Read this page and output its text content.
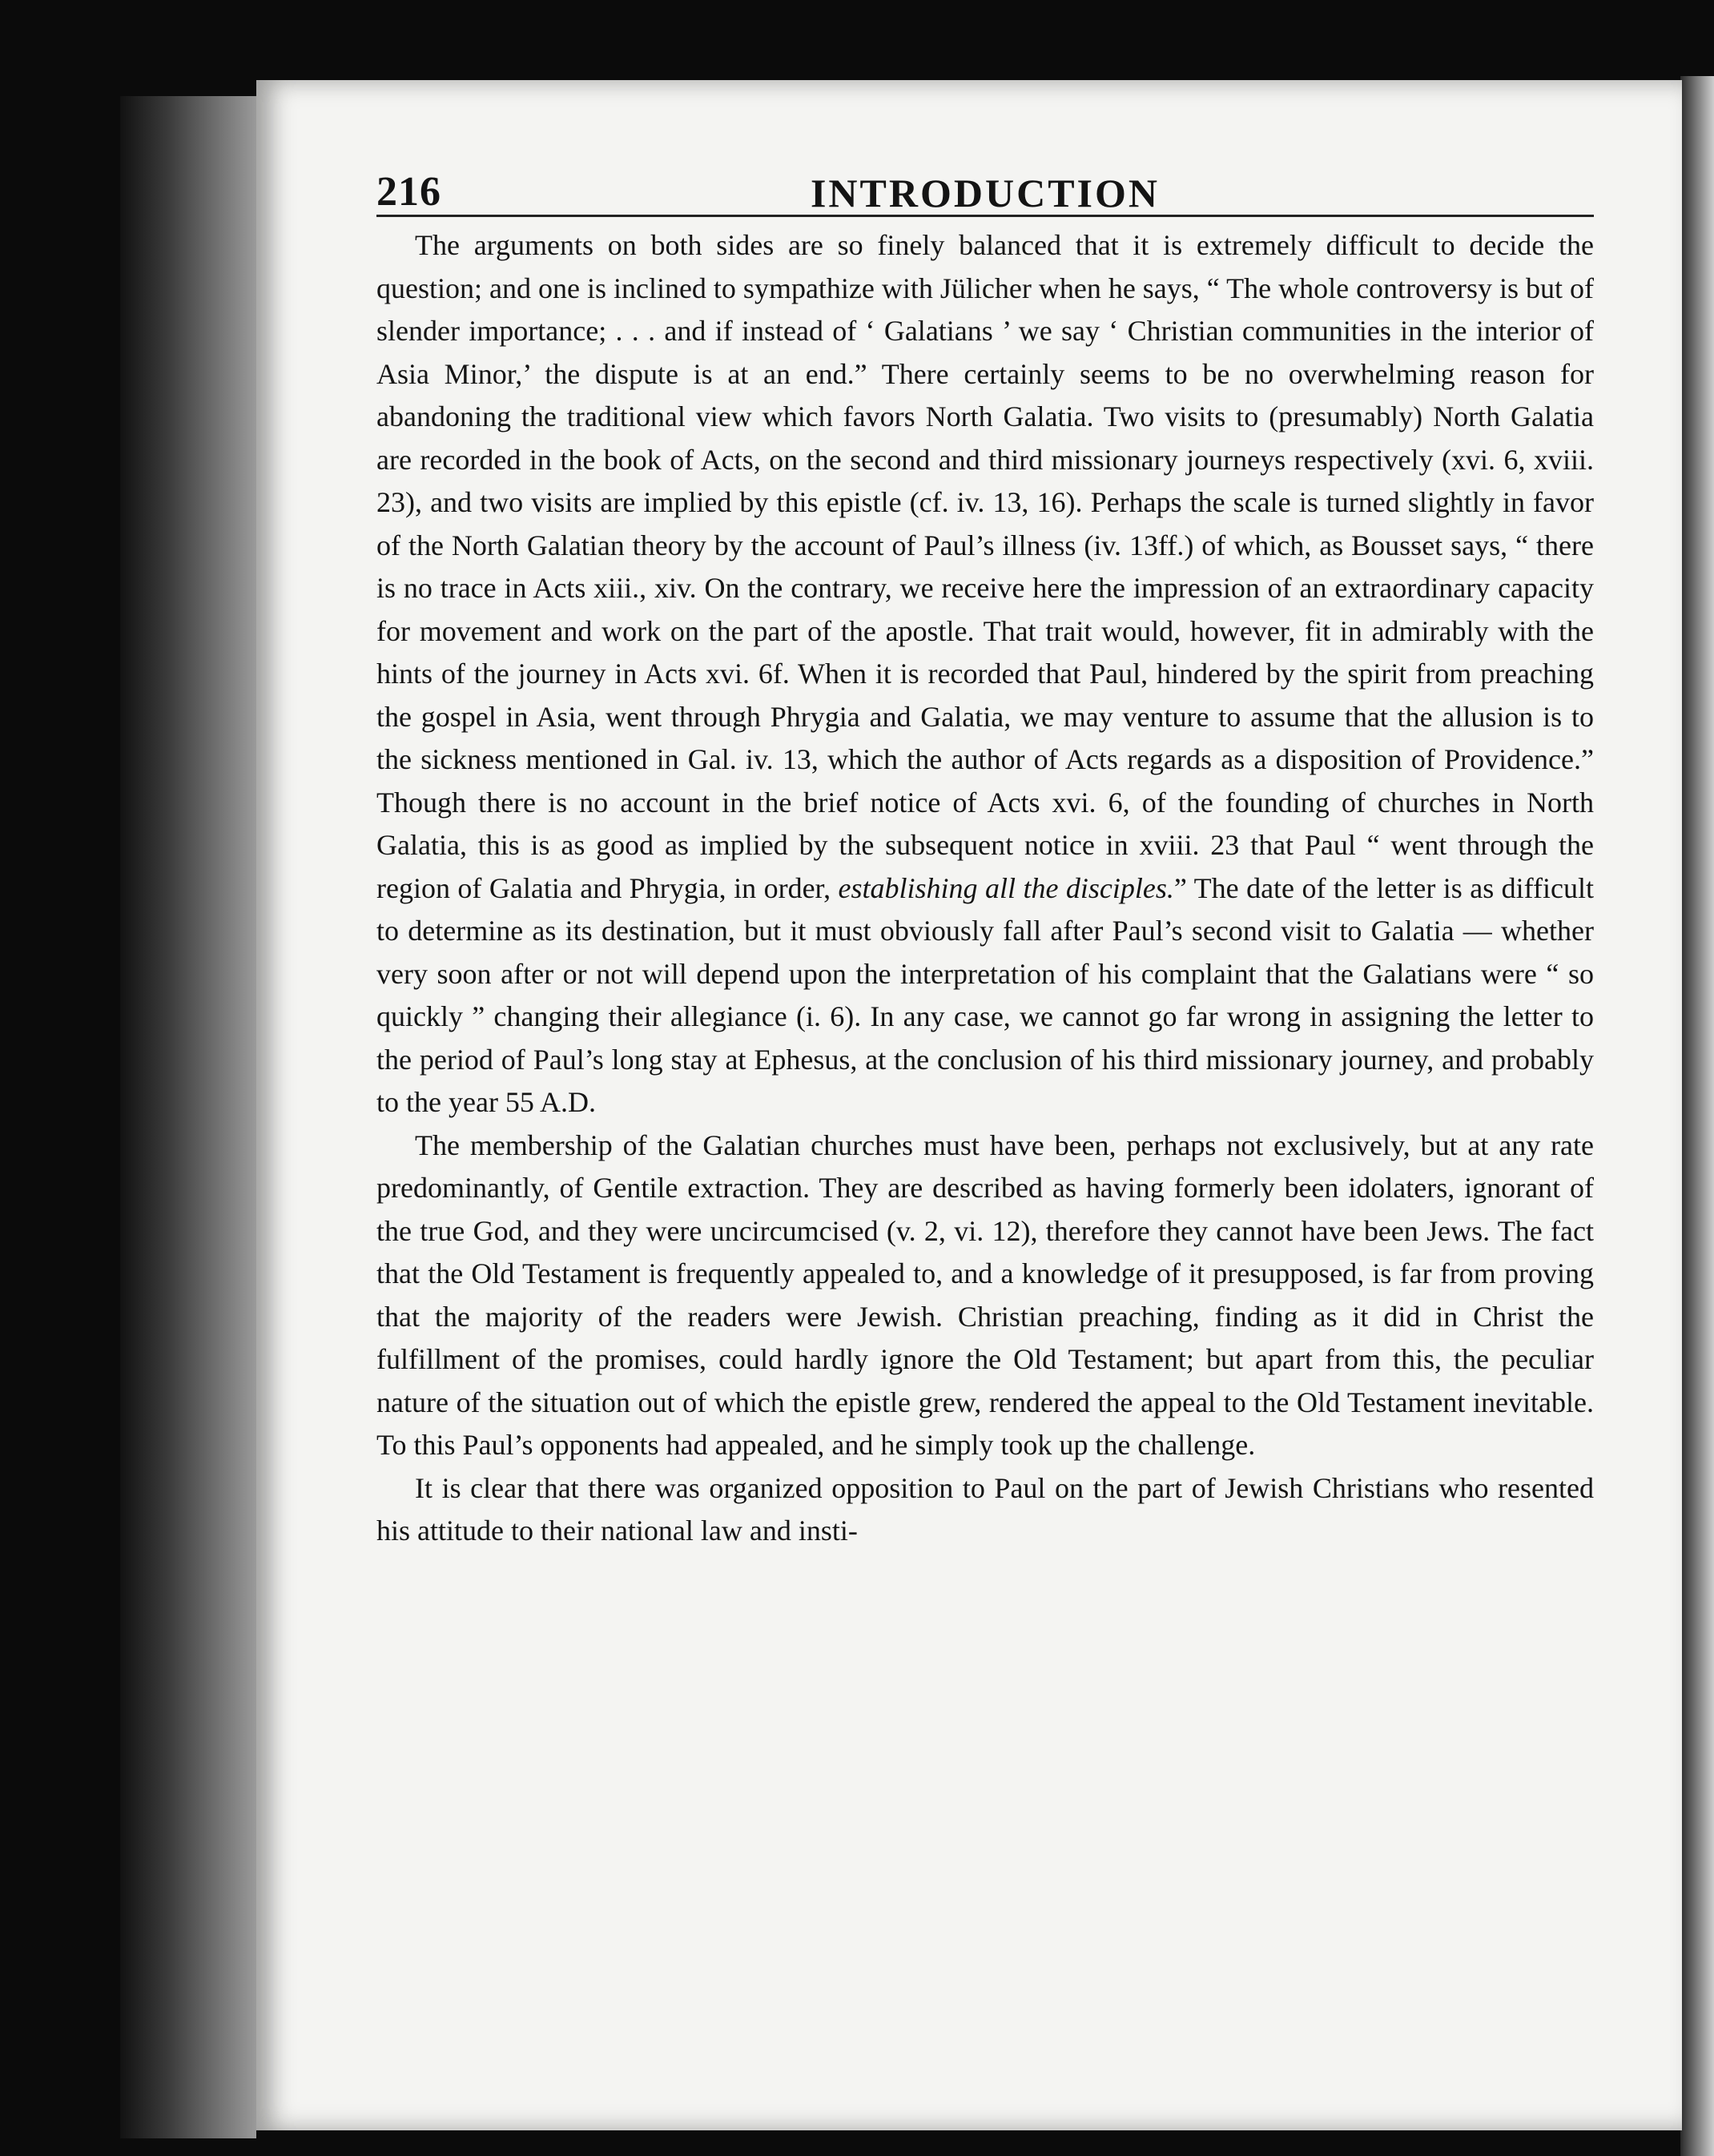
216	INTRODUCTION

The arguments on both sides are so finely balanced that it is extremely difficult to decide the question; and one is inclined to sympathize with Jülicher when he says, “ The whole controversy is but of slender importance; . . . and if instead of ‘ Galatians ’ we say ‘ Christian communities in the interior of Asia Minor,’ the dispute is at an end.” There certainly seems to be no overwhelming reason for abandoning the traditional view which favors North Galatia. Two visits to (presumably) North Galatia are recorded in the book of Acts, on the second and third missionary journeys respectively (xvi. 6, xviii. 23), and two visits are implied by this epistle (cf. iv. 13, 16). Perhaps the scale is turned slightly in favor of the North Galatian theory by the account of Paul’s illness (iv. 13ff.) of which, as Bousset says, “ there is no trace in Acts xiii., xiv. On the contrary, we receive here the impression of an extraordinary capacity for movement and work on the part of the apostle. That trait would, however, fit in admirably with the hints of the journey in Acts xvi. 6f. When it is recorded that Paul, hindered by the spirit from preaching the gospel in Asia, went through Phrygia and Galatia, we may venture to assume that the allusion is to the sickness mentioned in Gal. iv. 13, which the author of Acts regards as a disposition of Providence.” Though there is no account in the brief notice of Acts xvi. 6, of the founding of churches in North Galatia, this is as good as implied by the subsequent notice in xviii. 23 that Paul “ went through the region of Galatia and Phrygia, in order, establishing all the disciples.” The date of the letter is as difficult to determine as its destination, but it must obviously fall after Paul’s second visit to Galatia — whether very soon after or not will depend upon the interpretation of his complaint that the Galatians were “ so quickly ” changing their allegiance (i. 6). In any case, we cannot go far wrong in assigning the letter to the period of Paul’s long stay at Ephesus, at the conclusion of his third missionary journey, and probably to the year 55 A.D.

The membership of the Galatian churches must have been, perhaps not exclusively, but at any rate predominantly, of Gentile extraction. They are described as having formerly been idolaters, ignorant of the true God, and they were uncircumcised (v. 2, vi. 12), therefore they cannot have been Jews. The fact that the Old Testament is frequently appealed to, and a knowledge of it presupposed, is far from proving that the majority of the readers were Jewish. Christian preaching, finding as it did in Christ the fulfillment of the promises, could hardly ignore the Old Testament; but apart from this, the peculiar nature of the situation out of which the epistle grew, rendered the appeal to the Old Testament inevitable. To this Paul’s opponents had appealed, and he simply took up the challenge.

It is clear that there was organized opposition to Paul on the part of Jewish Christians who resented his attitude to their national law and insti-
